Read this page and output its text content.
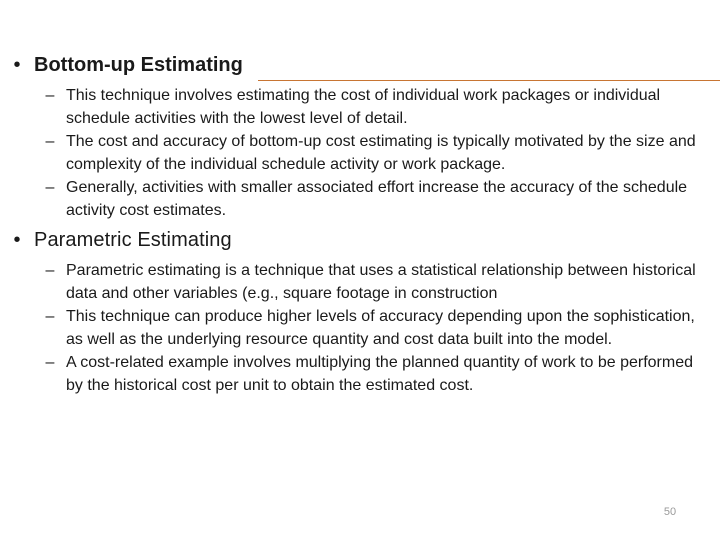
• Bottom-up Estimating

– This technique involves estimating the cost of individual work packages or individual schedule activities with the lowest level of detail.
– The cost and accuracy of bottom-up cost estimating is typically motivated by the size and complexity of the individual schedule activity or work package.
– Generally, activities with smaller associated effort increase the accuracy of the schedule activity cost estimates.

• Parametric Estimating

– Parametric estimating is a technique that uses a statistical relationship between historical data and other variables (e.g., square footage in construction
– This technique can produce higher levels of accuracy depending upon the sophistication, as well as the underlying resource quantity and cost data built into the model.
– A cost-related example involves multiplying the planned quantity of work to be performed by the historical cost per unit to obtain the estimated cost.
50
